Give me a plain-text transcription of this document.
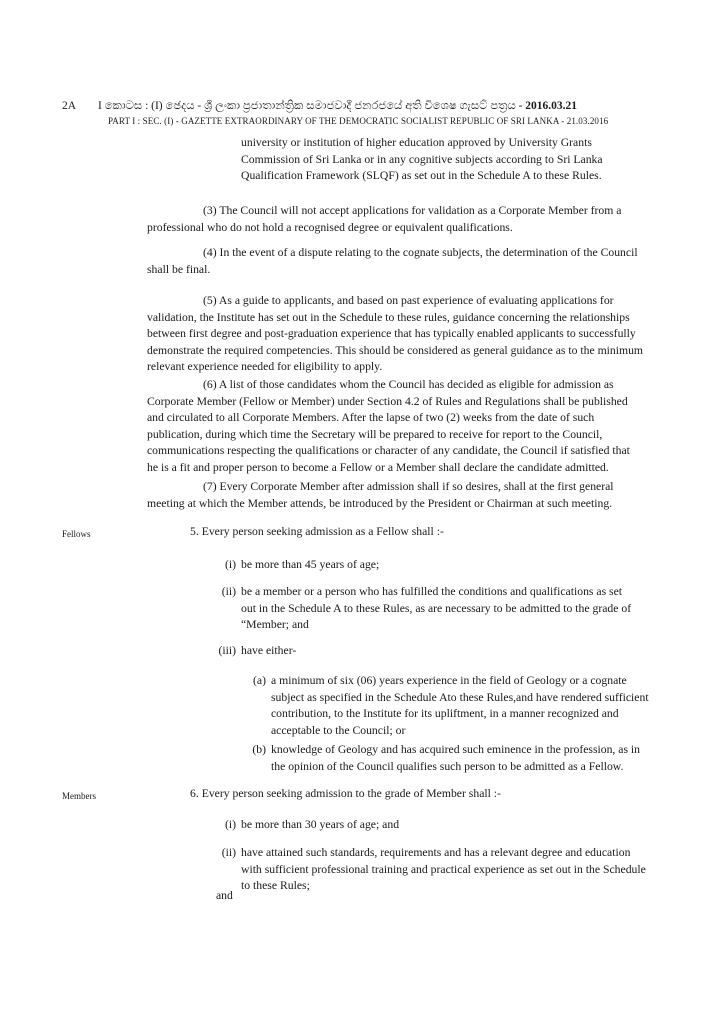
2A I කොටස : (I) ඡෙදය - ශ්‍රී ලංකා ප්‍රජාතාන්ත්‍රික සමාජවාදී ජනරජයේ අති විශෙෂ ගැසට් පත්‍රය - 2016.03.21
PART I : SEC. (I) - GAZETTE EXTRAORDINARY OF THE DEMOCRATIC SOCIALIST REPUBLIC OF SRI LANKA - 21.03.2016
university or institution of higher education approved by University Grants
Commission of Sri Lanka or in any cognitive subjects according to Sri Lanka
Qualification Framework (SLQF) as set out in the Schedule A to these Rules.
(3) The Council will not accept applications for validation as a Corporate Member from a
professional who do not hold a recognised degree or equivalent qualifications.
(4) In the event of a dispute relating to the cognate subjects, the determination of the Council
shall be final.
(5) As a guide to applicants, and based on past experience of evaluating applications for
validation, the Institute has set out in the Schedule to these rules, guidance concerning the relationships
between first degree and post-graduation experience that has typically enabled applicants to successfully
demonstrate the required competencies. This should be considered as general guidance as to the minimum
relevant experience needed for eligibility to apply.
(6) A list of those candidates whom the Council has decided as eligible for admission as
Corporate Member (Fellow or Member) under Section 4.2 of Rules and Regulations shall be published
and circulated to all Corporate Members. After the lapse of two (2) weeks from the date of such
publication, during which time the Secretary will be prepared to receive for report to the Council,
communications respecting the qualifications or character of any candidate, the Council if satisfied that
he is a fit and proper person to become a Fellow or a Member shall declare the candidate admitted.
(7) Every Corporate Member after admission shall if so desires, shall at the first general
meeting at which the Member attends, be introduced by the President or Chairman at such meeting.
Fellows	5. Every person seeking admission as a Fellow shall :-
(i) be more than 45 years of age;
(ii) be a member or a person who has fulfilled the conditions and qualifications as set
out in the Schedule A to these Rules, as are necessary to be admitted to the grade of
“Member; and
(iii) have either-
(a) a minimum of six (06) years experience in the field of Geology or a cognate
subject as specified in the Schedule Ato these Rules,and have rendered sufficient
contribution, to the Institute for its upliftment, in a manner recognized and
acceptable to the Council; or
(b) knowledge of Geology and has acquired such eminence in the profession, as in
the opinion of the Council qualifies such person to be admitted as a Fellow.
Members	6. Every person seeking admission to the grade of Member shall :-
(i) be more than 30 years of age; and
(ii) have attained such standards, requirements and has a relevant degree and education
with sufficient professional training and practical experience as set out in the Schedule
to these Rules;
and
